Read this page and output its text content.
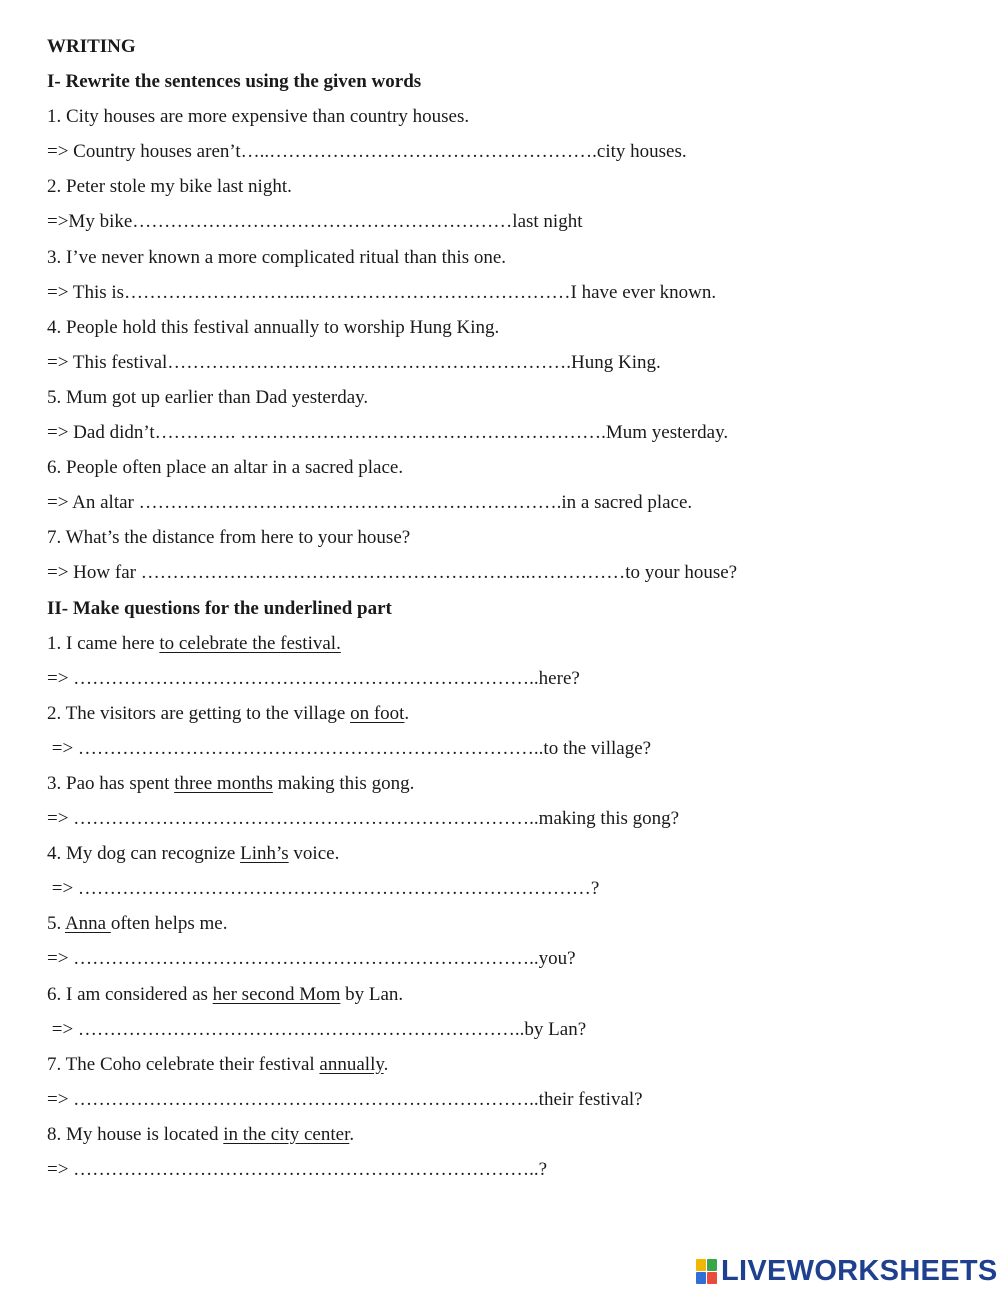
WRITING
I- Rewrite the sentences using the given words
1. City houses are more expensive than country houses.
=> Country houses aren’t…..…………………………………………….city houses.
2. Peter stole my bike last night.
=>My bike……………………………………………………last night
3. I’ve never known a more complicated ritual than this one.
=> This is………………………..……………………………………I have ever known.
4. People hold this festival annually to worship Hung King.
=> This festival……………………………………………………….Hung King.
5. Mum got up earlier than Dad yesterday.
=> Dad didn’t…………. ………………………………………………….Mum yesterday.
6. People often place an altar in a sacred place.
=> An altar ………………………………………………………….in a sacred place.
7. What’s the distance from here to your house?
=> How far ……………………………………………………..……………to your house?
II- Make questions for the underlined part
1. I came here to celebrate the festival.
=> ………………………………………………………………..here?
2. The visitors are getting to the village on foot.
=> ………………………………………………………………..to the village?
3. Pao has spent three months making this gong.
=> ………………………………………………………………..making this gong?
4. My dog can recognize Linh’s voice.
=> ………………………………………………………………………?
5. Anna often helps me.
=> ………………………………………………………………..you?
6. I am considered as her second Mom by Lan.
=> ……………………………………………………………..by Lan?
7. The Coho celebrate their festival annually.
=> ………………………………………………………………..their festival?
8. My house is located in the city center.
=> ………………………………………………………………..?
LIVEWORKSHEETS
